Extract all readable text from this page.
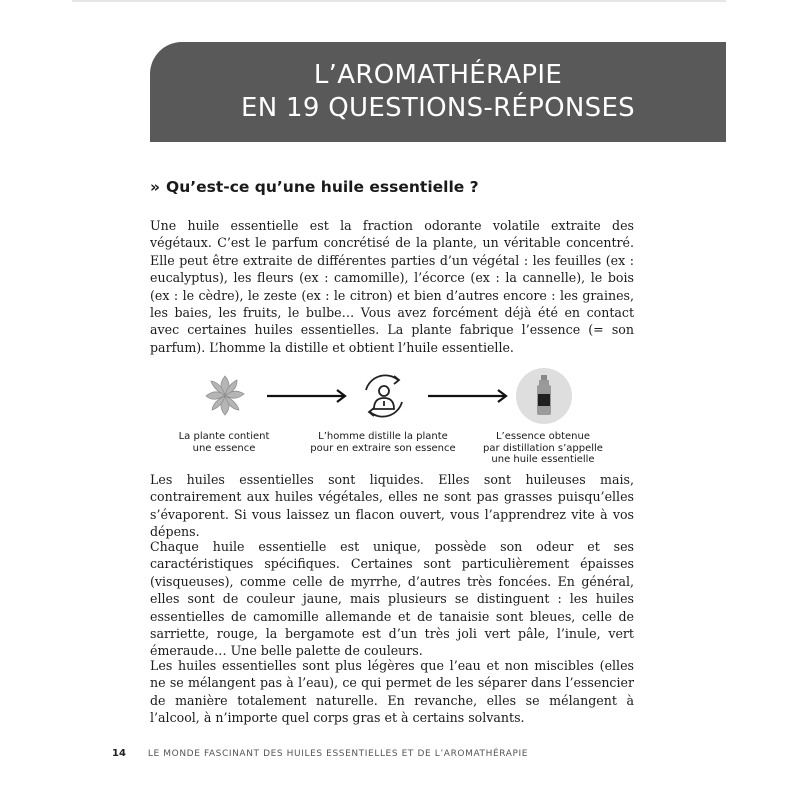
L’AROMATHÉRAPIE
EN 19 QUESTIONS-RÉPONSES
» Qu’est-ce qu’une huile essentielle ?

Une huile essentielle est la fraction odorante volatile extraite des végétaux. C’est le parfum concrétisé de la plante, un véritable concentré. Elle peut être extraite de différentes parties d’un végétal : les feuilles (ex : eucalyptus), les fleurs (ex : camomille), l’écorce (ex : la cannelle), le bois (ex : le cèdre), le zeste (ex : le citron) et bien d’autres encore : les graines, les baies, les fruits, le bulbe… Vous avez forcément déjà été en contact avec certaines huiles essentielles. La plante fabrique l’essence (= son parfum). L’homme la distille et obtient l’huile essentielle.

La plante contient
une essence
L’homme distille la plante
pour en extraire son essence
L’essence obtenue
par distillation s’appelle
une huile essentielle

Les huiles essentielles sont liquides. Elles sont huileuses mais, contrairement aux huiles végétales, elles ne sont pas grasses puisqu’elles s’évaporent. Si vous laissez un flacon ouvert, vous l’apprendrez vite à vos dépens.

Chaque huile essentielle est unique, possède son odeur et ses caractéristiques spécifiques. Certaines sont particulièrement épaisses (visqueuses), comme celle de myrrhe, d’autres très foncées. En général, elles sont de couleur jaune, mais plusieurs se distinguent : les huiles essentielles de camomille allemande et de tanaisie sont bleues, celle de sarriette, rouge, la bergamote est d’un très joli vert pâle, l’inule, vert émeraude… Une belle palette de couleurs.

Les huiles essentielles sont plus légères que l’eau et non miscibles (elles ne se mélangent pas à l’eau), ce qui permet de les séparer dans l’essencier de manière totalement naturelle. En revanche, elles se mélangent à l’alcool, à n’importe quel corps gras et à certains solvants.

14 LE MONDE FASCINANT DES HUILES ESSENTIELLES ET DE L’AROMATHÉRAPIE
